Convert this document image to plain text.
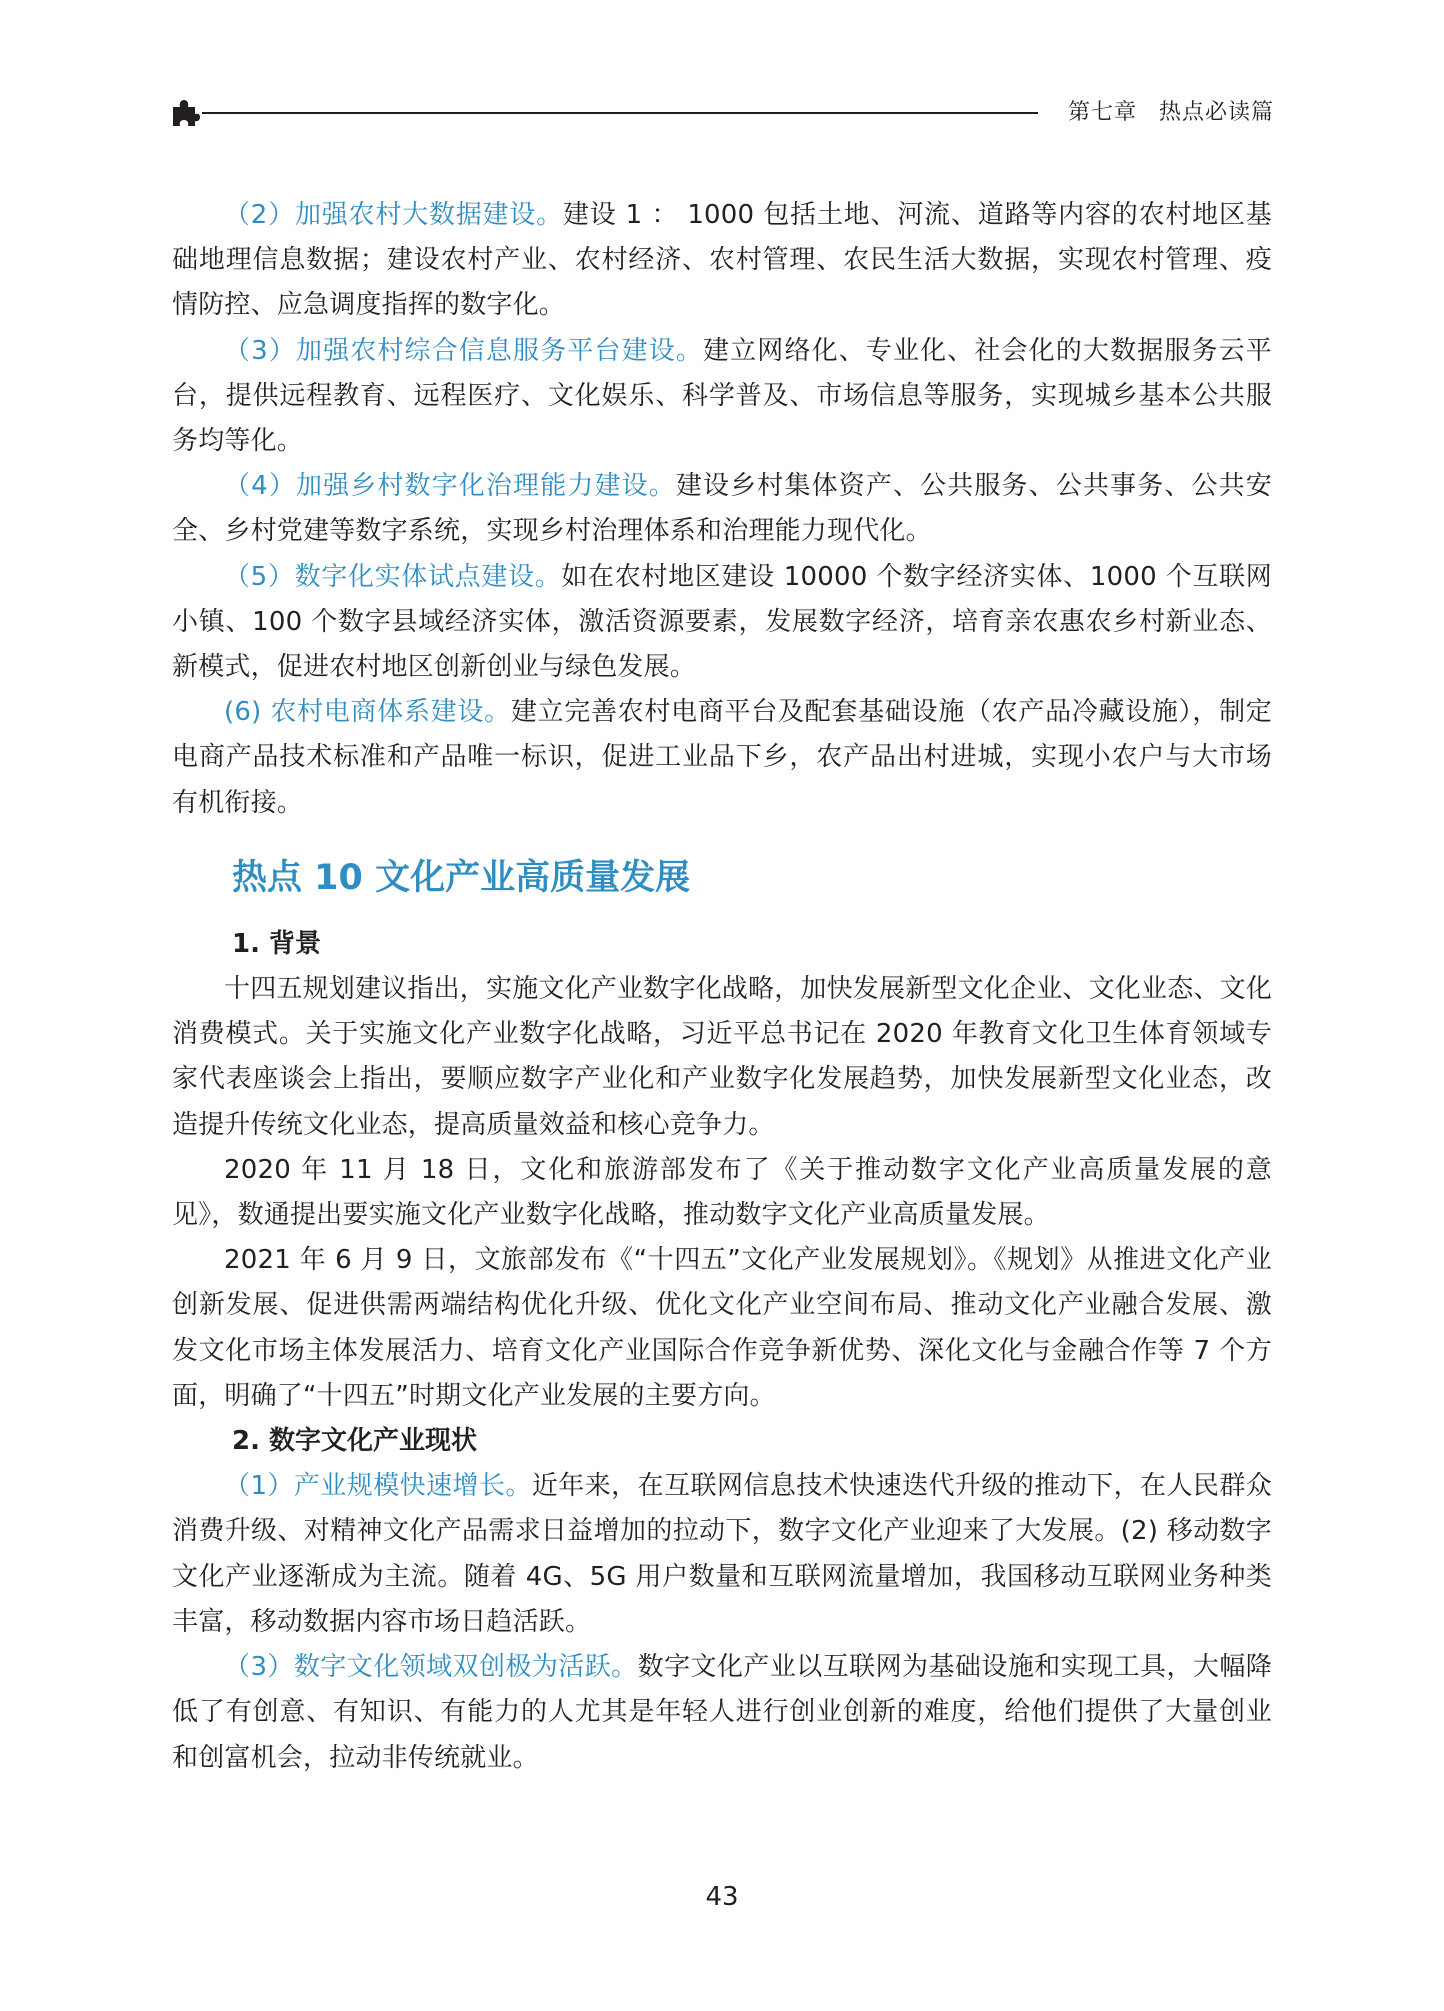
第七章 热点必读篇

（2）加强农村大数据建设。建设 1 ： 1000 包括土地、河流、道路等内容的农村地区基础地理信息数据；建设农村产业、农村经济、农村管理、农民生活大数据，实现农村管理、疫情防控、应急调度指挥的数字化。

（3）加强农村综合信息服务平台建设。建立网络化、专业化、社会化的大数据服务云平台，提供远程教育、远程医疗、文化娱乐、科学普及、市场信息等服务，实现城乡基本公共服务均等化。

（4）加强乡村数字化治理能力建设。建设乡村集体资产、公共服务、公共事务、公共安全、乡村党建等数字系统，实现乡村治理体系和治理能力现代化。

（5）数字化实体试点建设。如在农村地区建设 10000 个数字经济实体、1000 个互联网小镇、100 个数字县域经济实体，激活资源要素，发展数字经济，培育亲农惠农乡村新业态、新模式，促进农村地区创新创业与绿色发展。

(6) 农村电商体系建设。建立完善农村电商平台及配套基础设施（农产品冷藏设施），制定电商产品技术标准和产品唯一标识，促进工业品下乡，农产品出村进城，实现小农户与大市场有机衔接。

热点 10 文化产业高质量发展
1. 背景

十四五规划建议指出，实施文化产业数字化战略，加快发展新型文化企业、文化业态、文化消费模式。关于实施文化产业数字化战略，习近平总书记在 2020 年教育文化卫生体育领域专家代表座谈会上指出，要顺应数字产业化和产业数字化发展趋势，加快发展新型文化业态，改造提升传统文化业态，提高质量效益和核心竞争力。

2020 年 11 月 18 日，文化和旅游部发布了《关于推动数字文化产业高质量发展的意见》，数通提出要实施文化产业数字化战略，推动数字文化产业高质量发展。

2021 年 6 月 9 日，文旅部发布《“十四五”文化产业发展规划》。《规划》从推进文化产业创新发展、促进供需两端结构优化升级、优化文化产业空间布局、推动文化产业融合发展、激发文化市场主体发展活力、培育文化产业国际合作竞争新优势、深化文化与金融合作等 7 个方面，明确了“十四五”时期文化产业发展的主要方向。

2. 数字文化产业现状

（1）产业规模快速增长。近年来，在互联网信息技术快速迭代升级的推动下，在人民群众消费升级、对精神文化产品需求日益增加的拉动下，数字文化产业迎来了大发展。(2) 移动数字文化产业逐渐成为主流。随着 4G、5G 用户数量和互联网流量增加，我国移动互联网业务种类丰富，移动数据内容市场日趋活跃。

（3）数字文化领域双创极为活跃。数字文化产业以互联网为基础设施和实现工具，大幅降低了有创意、有知识、有能力的人尤其是年轻人进行创业创新的难度，给他们提供了大量创业和创富机会，拉动非传统就业。

43
